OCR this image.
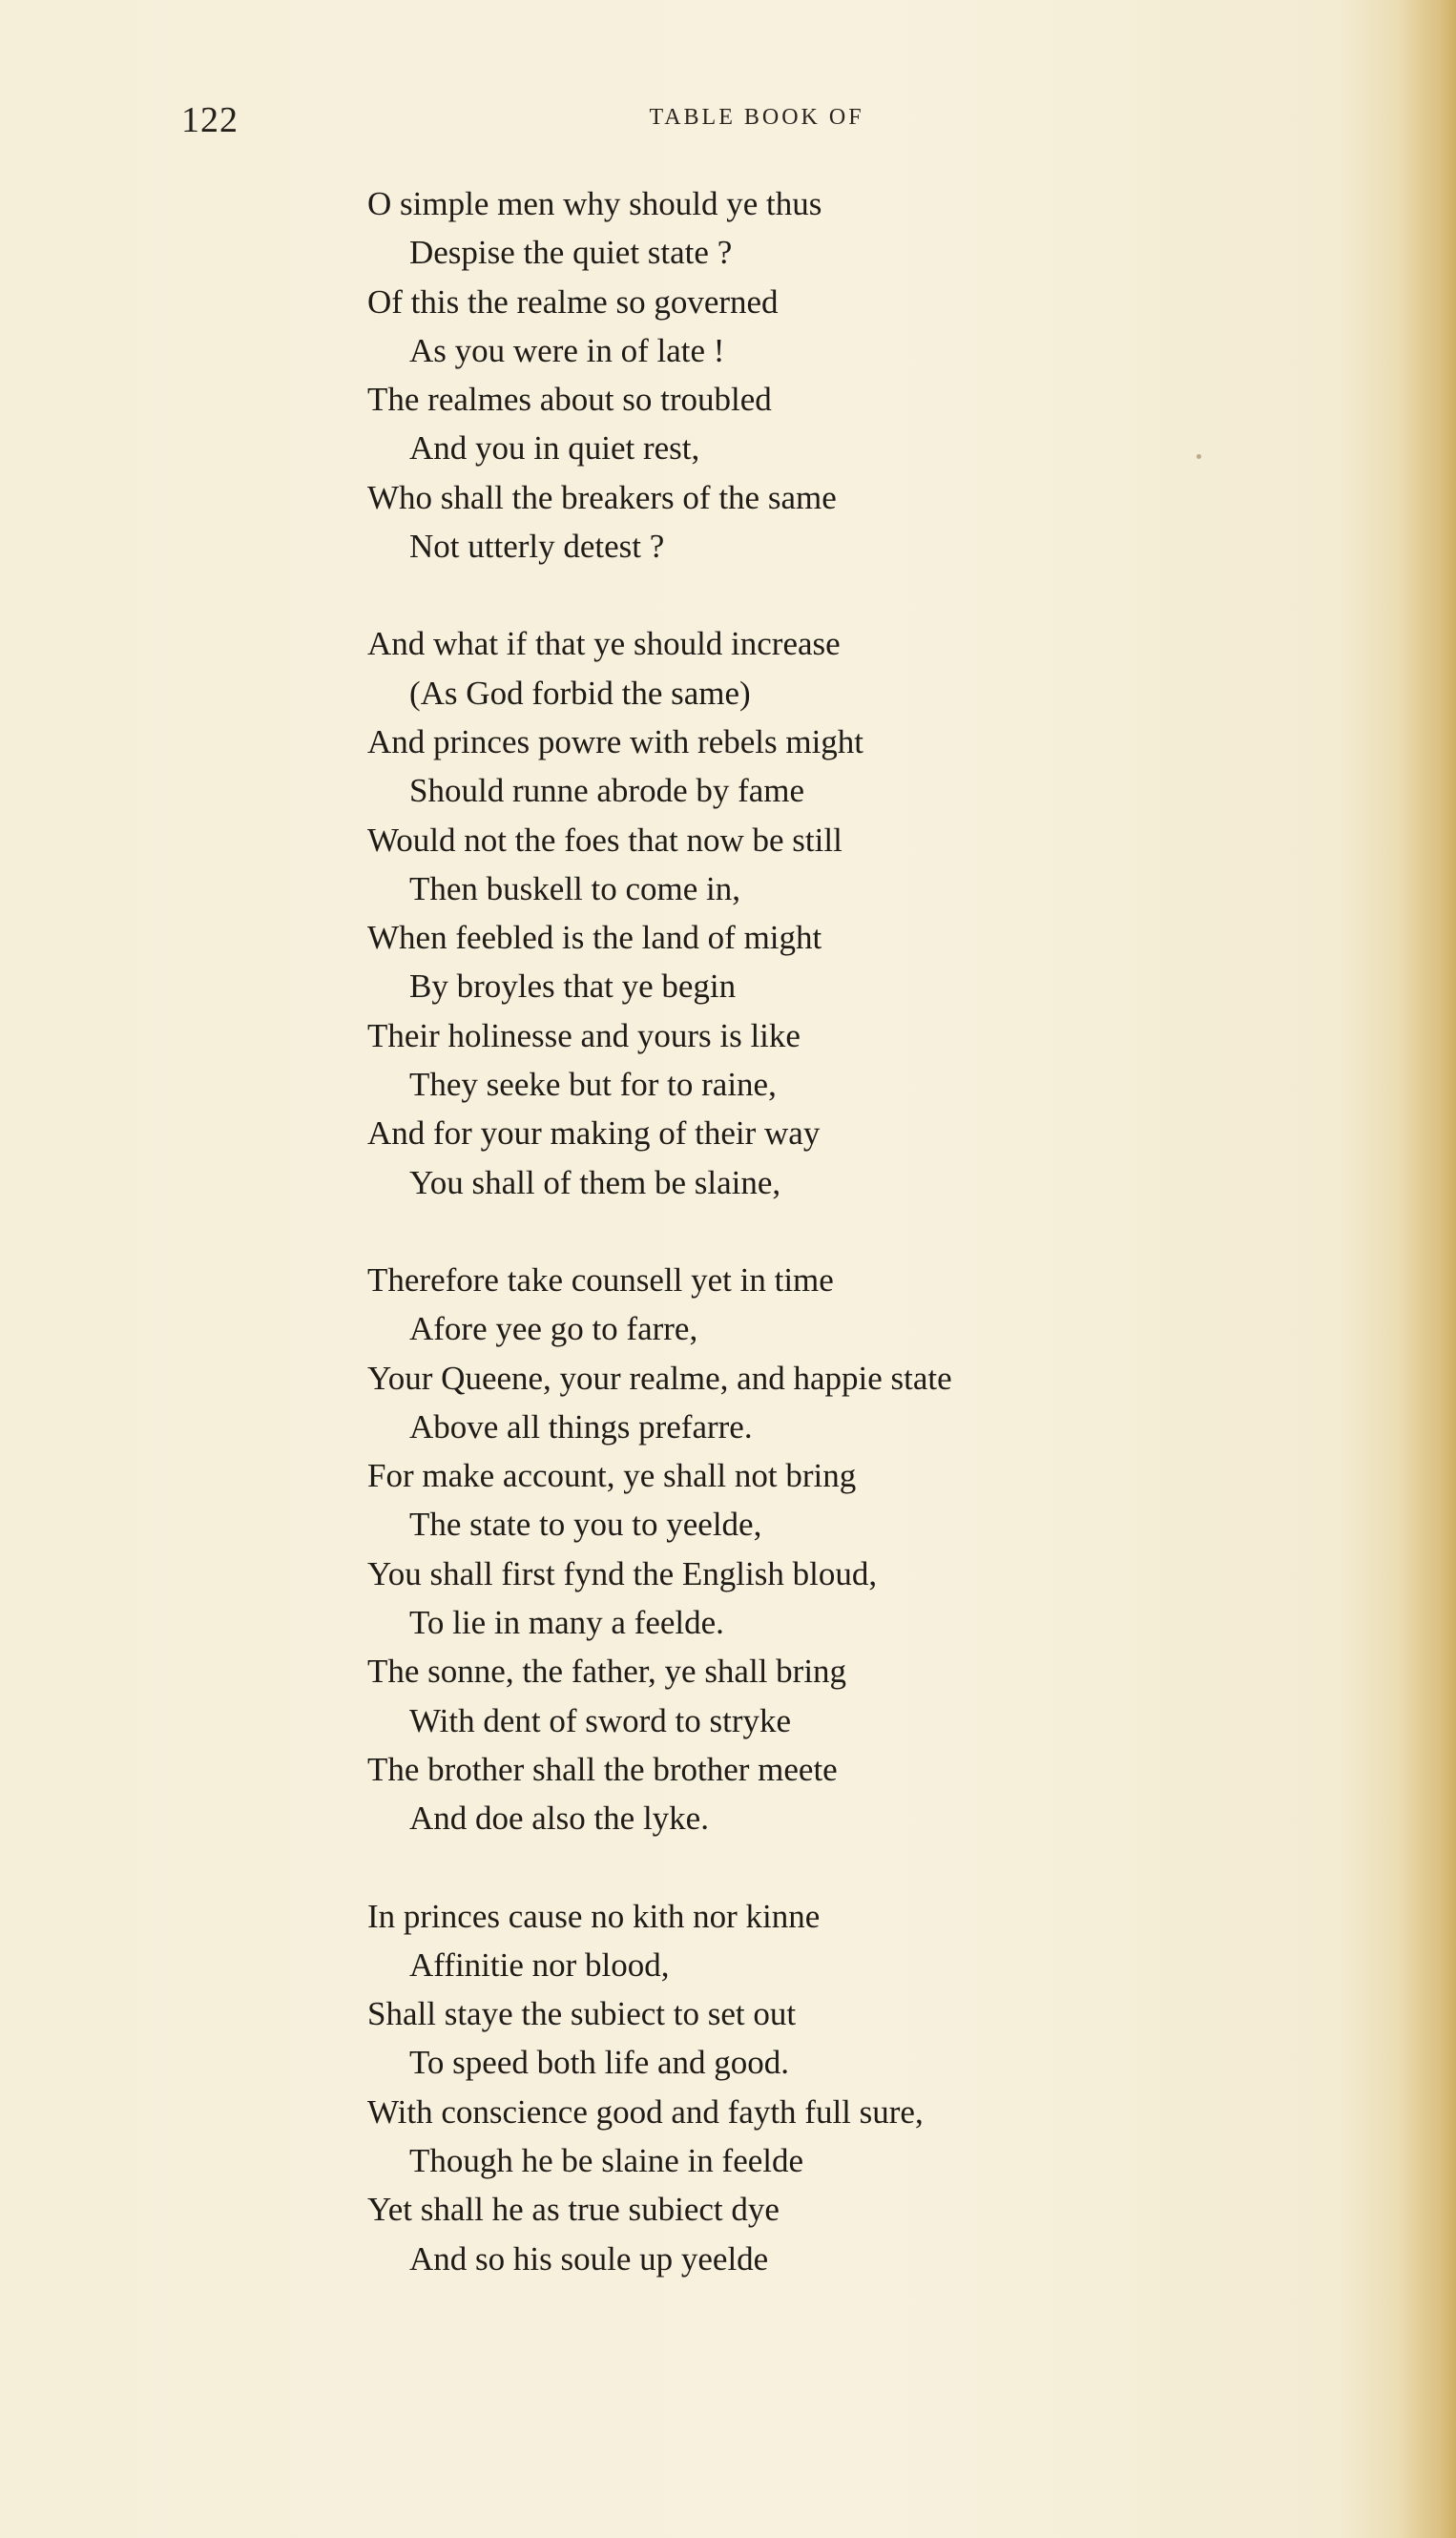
122	TABLE BOOK OF
O simple men why should ye thus
Despise the quiet state ?
Of this the realme so governed
As you were in of late !
The realmes about so troubled
And you in quiet rest,
Who shall the breakers of the same
Not utterly detest ?
And what if that ye should increase
(As God forbid the same)
And princes powre with rebels might
Should runne abrode by fame
Would not the foes that now be still
Then buskell to come in,
When feebled is the land of might
By broyles that ye begin
Their holinesse and yours is like
They seeke but for to raine,
And for your making of their way
You shall of them be slaine,
Therefore take counsell yet in time
Afore yee go to farre,
Your Queene, your realme, and happie state
Above all things prefarre.
For make account, ye shall not bring
The state to you to yeelde,
You shall first fynd the English bloud,
To lie in many a feelde.
The sonne, the father, ye shall bring
With dent of sword to stryke
The brother shall the brother meete
And doe also the lyke.
In princes cause no kith nor kinne
Affinitie nor blood,
Shall staye the subiect to set out
To speed both life and good.
With conscience good and fayth full sure,
Though he be slaine in feelde
Yet shall he as true subiect dye
And so his soule up yeelde
